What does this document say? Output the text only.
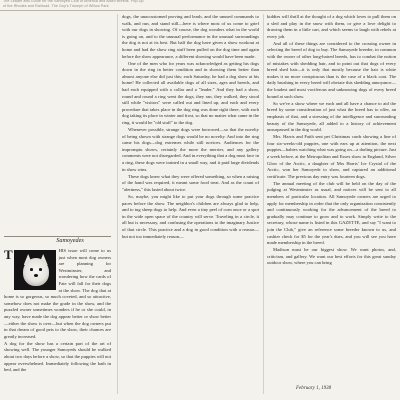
The Leader and Guide for the Samoyed Club of America and Allied Breeds. Pop-Up
of the Rhodes and Railroad. The Guy's Triumph of Willow Park
Samoyedes

T	HIS issue will come to us just when most dog owners are planning for Westminster, and wondering how the cards of Fate will fall for their dogs at the show. The dog that at home is so gorgeous, so much coveted, and so attractive, somehow does not make the grade in the show, and the puzzled owner sometimes wonders if he or she could, in any way, have made the dog appear better or show better—either the show is over—but when the dog owners put in that dream of good pets to the show, their chances are greatly increased.

A dog for the show has a certain part of the art of showing well. The younger Samoyeds should be walked about two days before a show, so that the puppies will not appear overwhelmed. Immediately following the bath in bed, and the

dogs, the unaccustomed proving and leash, and the unused commands to walk, and run, and stand still—here is where most of us come to grief with our dogs in showing. Of course, the dog wonders what in the world is going on, and to the unusual performance in the unusual surroundings the dog is not at its best. But half the dog have given a show workout at home and had the show ring stuff been puffed on the dog time and again before the show appearance, a different showing would have been made.

One of the men who for years was acknowledged as getting his dogs down in the ring in better condition and in showing them better than almost anyone else did just this; each Saturday, he had a dog show at his home! He collected all available dogs of all sizes, ages and breeds, and had each equipped with a collar and a "leader." And they had a show, round and round a ring went the dogs, they ran, they walked, they stood still while "visitors" were called out and lined up, and each and every procedure that takes place in the dog ring was done right there, with each dog taking its place in winter and frost, so that no matter what came in the ring, it would be "old stuff" to the dog.

Whenever possible, strange dogs were borrowed—so that the novelty of being shown with strange dogs would be no novelty. And into the ring came his dogs—dog extremes while still novices. Audiences for the impromptu shows, certainly the more the merrier, and any gallery comments were not disregarded. And in everything that a dog must face in a ring, these dogs were trained in a small way, and it paid large dividends in show wins.

These dogs knew what they were offered something, so when a raising of the hand was required, it meant some food treat. And as the count of "alertness," this lasted about twice.

So, maybe, you might like to put your dogs through some practice paces before the show. The neighbor's children are always glad to help, and to tug sheep dogs to help. And even a tiny peel of corn once or a spot in the wide open space of the country will serve. Traveling in a circle, it all but is necessary, and confusing the operations to the imaginary Justice of that circle. This practice and a dog in good condition with a reason—but not too immediately reason—

kiddies will thrill at the thought of a dog which loves to pull them on a sled and play in the snow with them, or give a love delight to drawing them in a little cart, and which seems to laugh with rebels at every job.

And all of these things are considered to the crossing owner in selecting the breed of dog to buy. The Samoyede breeder, in common with the owner of other long-haired breeds, has to combat the notion of mistakes with shedding hair, and to point out that dogs of every breed shed hair—it is only that mostly because the hair is white makes it no more conspicuous than is the case of a black coat. The daily brushing in every breed will obviate this shedding annoyance—the loudest and most vociferous and unknowing dogs of every breed bound at such show.

So we've a show where we each and all have a chance to aid the breed by some consideration of just what the breed has to offer, an emphasis of that, and a stressing of the intelligence and surrounding beauty of the Samoyede, all added to a history of achievement unsurpassed in the dog world.

Mrs. Harris and Faith sent pet Christmas cards showing a line of four six-weeks-old puppies, one with ears up at attention, the next puppies—babies watching what was going on—a darling picture. Just a week before, at the Metropolitan and Essex show in England, Silver Glow of the Arctic, a daughter of Mrs Harris' Ice Crystal of the Arctic, won her Samoyede to show, and captured an additional certificate. The previous day entry was fourteen dogs.

The annual meeting of the club will be held on the day of the judging at Westminster as usual, and notices will be sent to all members of particular location. All Samoyede owners are urged to apply for membership in order that the only organization consistently and continuously working for the advancement of the breed to gradually may continue to grow and to work. Simply write to the secretary, whose name is listed in this GAZETTE, and say "I want to join the Club," give an reference some breeder known to us, and cashier check for $5 for the year's dues, and you will see you have made membership in the breed.

Madison must be our biggest show. We want photos, and, criticism, and gallery. We want our best efforts for this great sunday outdoor show, where you can bring

February 1, 1938
